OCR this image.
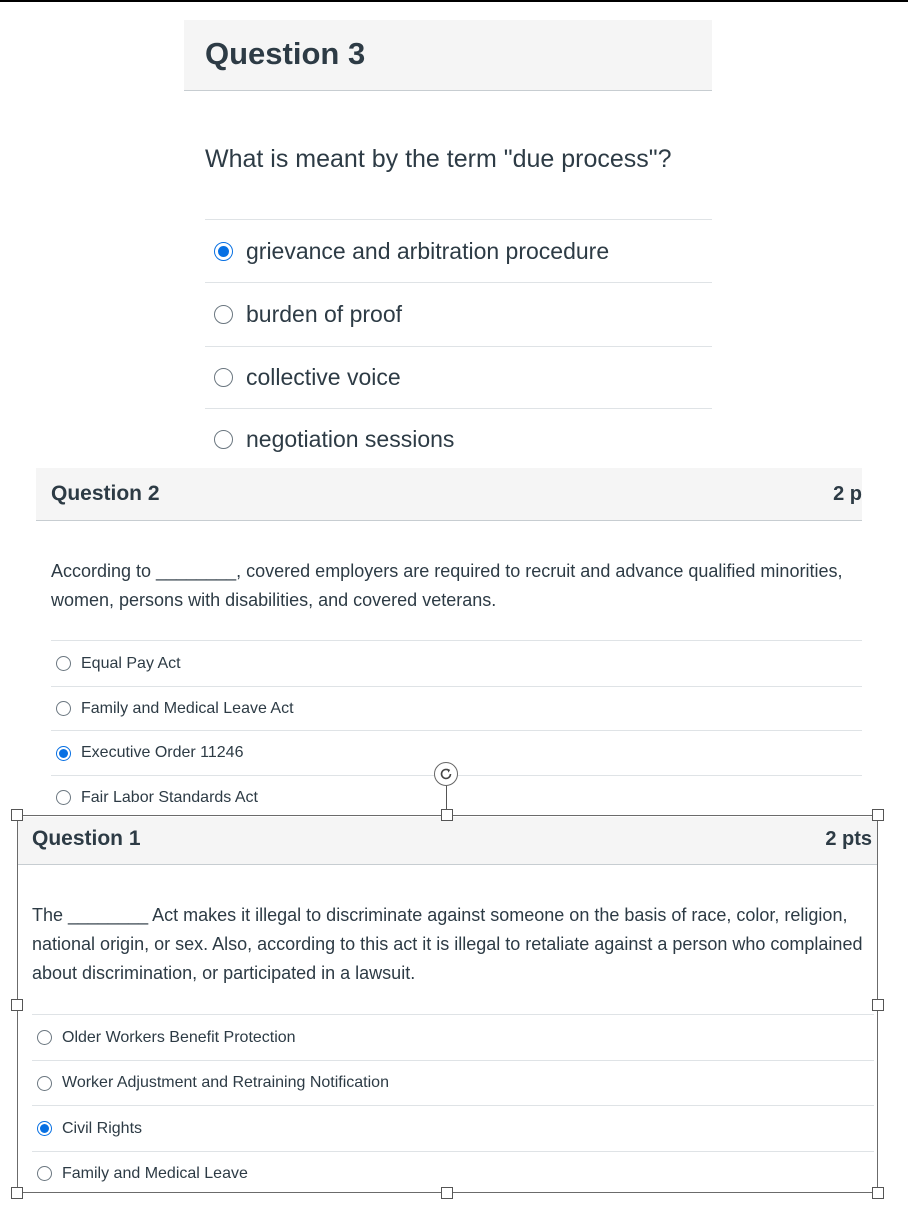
Question 3
What is meant by the term "due process"?
grievance and arbitration procedure
burden of proof
collective voice
negotiation sessions
Question 2	2 p
According to ________, covered employers are required to recruit and advance qualified minorities, women, persons with disabilities, and covered veterans.
Equal Pay Act
Family and Medical Leave Act
Executive Order 11246
Fair Labor Standards Act
Question 1	2 pts
The ________ Act makes it illegal to discriminate against someone on the basis of race, color, religion, national origin, or sex. Also, according to this act it is illegal to retaliate against a person who complained about discrimination, or participated in a lawsuit.
Older Workers Benefit Protection
Worker Adjustment and Retraining Notification
Civil Rights
Family and Medical Leave
